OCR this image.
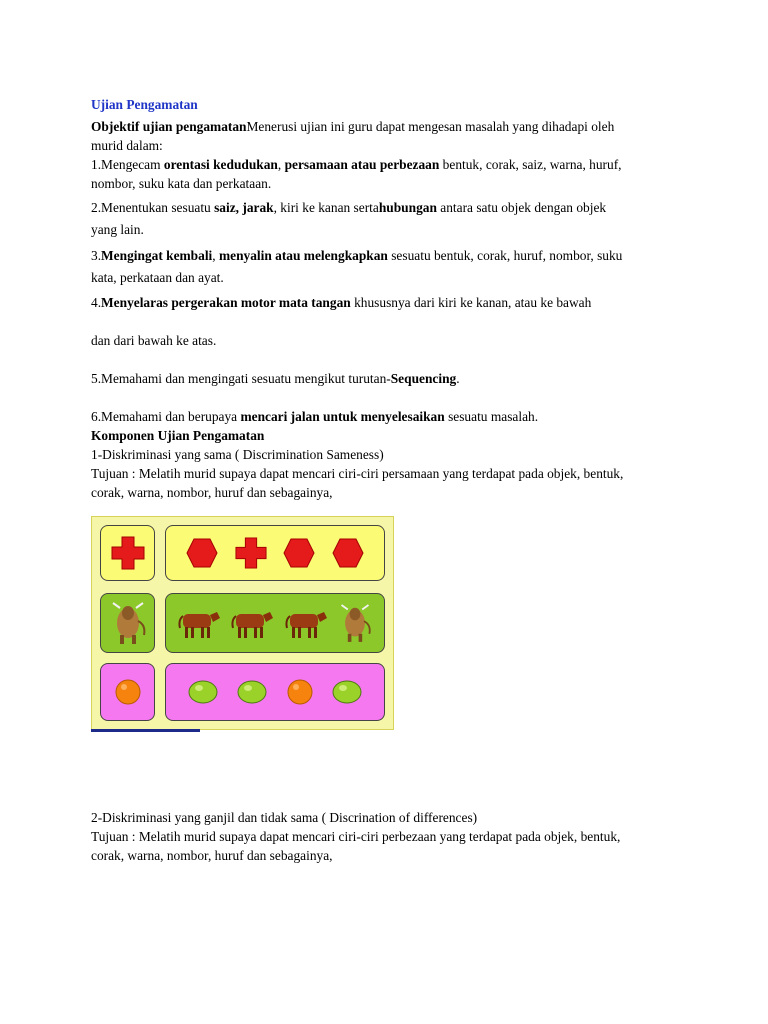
Ujian Pengamatan

Objektif ujian pengamatanMenerusi ujian ini guru dapat mengesan masalah yang dihadapi oleh murid dalam:

1.Mengecam orentasi kedudukan, persamaan atau perbezaan bentuk, corak, saiz, warna, huruf, nombor, suku kata dan perkataan.

2.Menentukan sesuatu saiz, jarak, kiri ke kanan sertahubungan antara satu objek dengan objek yang lain.

3.Mengingat kembali, menyalin atau melengkapkan sesuatu bentuk, corak, huruf, nombor, suku kata, perkataan dan ayat.

4.Menyelaras pergerakan motor mata tangan khususnya dari kiri ke kanan, atau ke bawah

dan dari bawah ke atas.

5.Memahami dan mengingati sesuatu mengikut turutan-Sequencing.

6.Memahami dan berupaya mencari jalan untuk menyelesaikan sesuatu masalah.

Komponen Ujian Pengamatan

1-Diskriminasi yang sama ( Discrimination Sameness)

Tujuan : Melatih murid supaya dapat mencari ciri-ciri persamaan yang terdapat pada objek, bentuk, corak, warna, nombor, huruf dan sebagainya,

2-Diskriminasi yang ganjil dan tidak sama ( Discrination of differences)

Tujuan : Melatih murid supaya dapat mencari ciri-ciri perbezaan yang terdapat pada objek, bentuk, corak, warna, nombor, huruf dan sebagainya,
